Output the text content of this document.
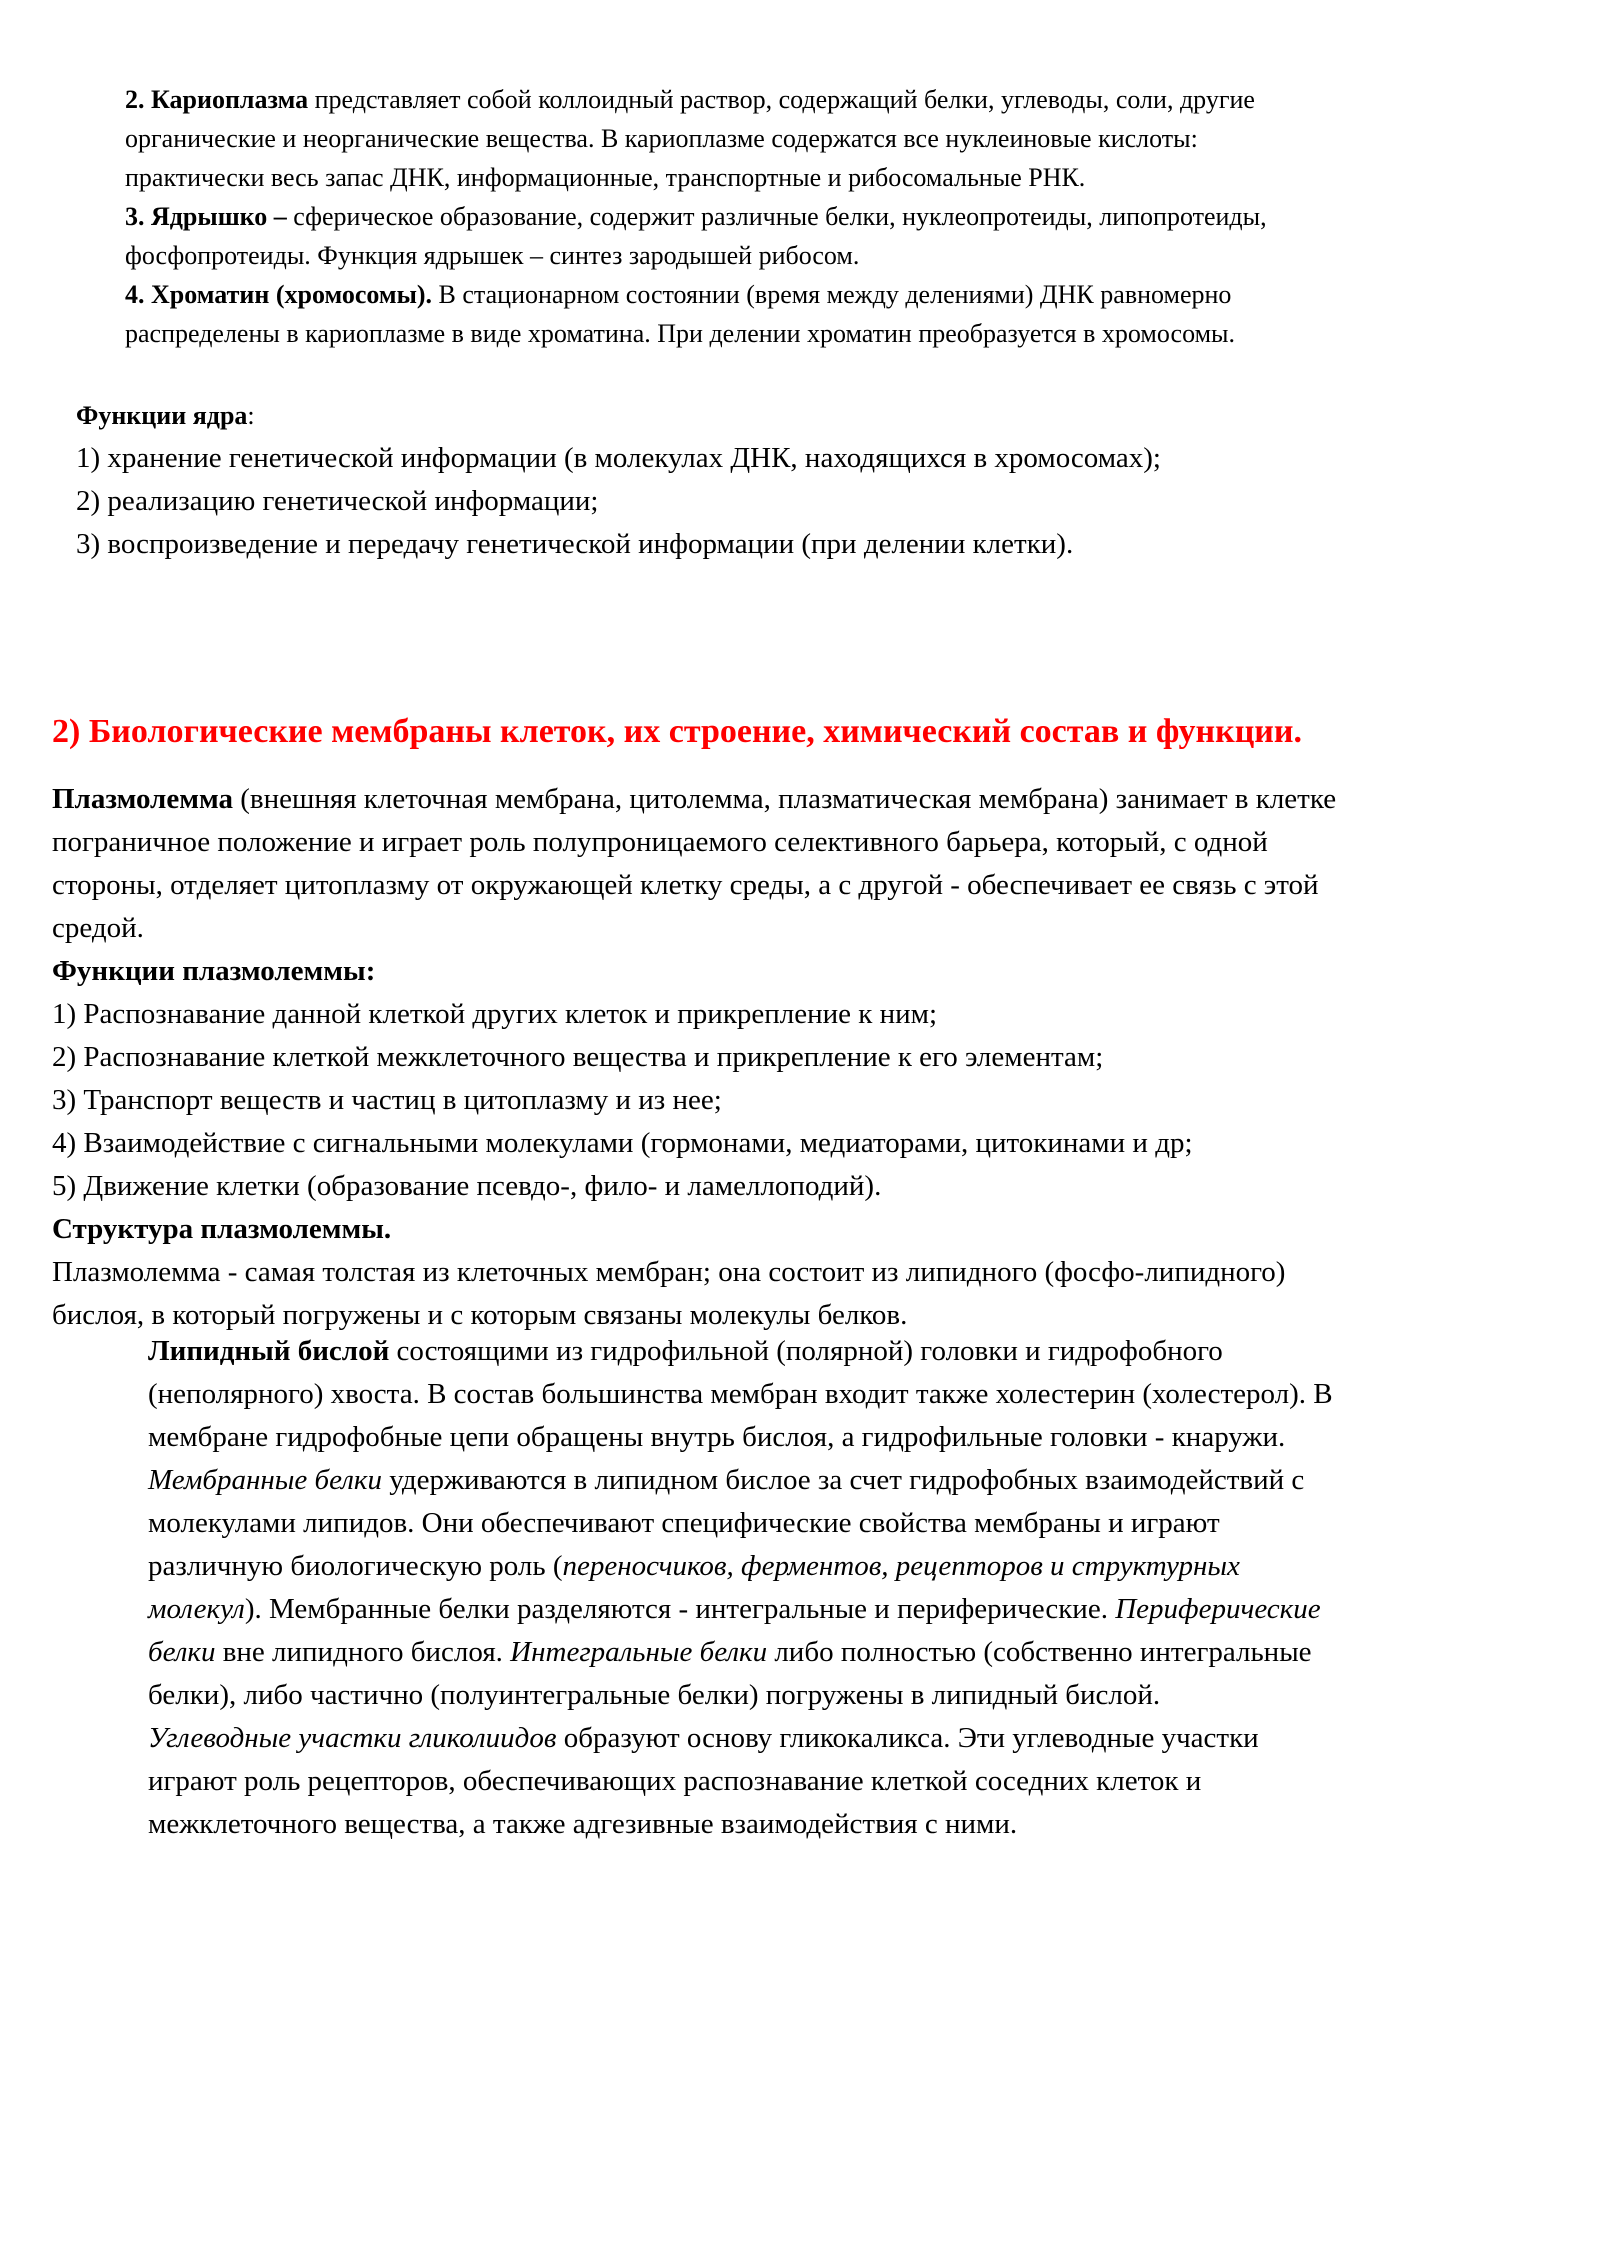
2. Кариоплазма представляет собой коллоидный раствор, содержащий белки, углеводы, соли, другие
органические и неорганические вещества. В кариоплазме содержатся все нуклеиновые кислоты:
практически весь запас ДНК, информационные, транспортные и рибосомальные РНК.

3. Ядрышко – сферическое образование, содержит различные белки, нуклеопротеиды, липопротеиды,
фосфопротеиды. Функция ядрышек – синтез зародышей рибосом.

4. Хроматин (хромосомы). В стационарном состоянии (время между делениями) ДНК равномерно
распределены в кариоплазме в виде хроматина. При делении хроматин преобразуется в хромосомы.

Функции ядра:

1) хранение генетической информации (в молекулах ДНК, находящихся в хромосомах);

2) реализацию генетической информации;

3) воспроизведение и передачу генетической информации (при делении клетки).

2) Биологические мембраны клеток, их строение, химический состав и функции.

Плазмолемма (внешняя клеточная мембрана, цитолемма, плазматическая мембрана) занимает в клетке
пограничное положение и играет роль полупроницаемого селективного барьера, который, с одной
стороны, отделяет цитоплазму от окружающей клетку среды, а с другой - обеспечивает ее связь с этой
средой.

Функции плазмолеммы:

1) Распознавание данной клеткой других клеток и прикрепление к ним;

2) Распознавание клеткой межклеточного вещества и прикрепление к его элементам;

3) Транспорт веществ и частиц в цитоплазму и из нее;

4) Взаимодействие с сигнальными молекулами (гормонами, медиаторами, цитокинами и др;

5) Движение клетки (образование псевдо-, фило- и ламеллоподий).

Структура плазмолеммы.

Плазмолемма - самая толстая из клеточных мембран; она состоит из липидного (фосфо-липидного)
бислоя, в который погружены и с которым связаны молекулы белков.

Липидный бислой состоящими из гидрофильной (полярной) головки и гидрофобного
(неполярного) хвоста. В состав большинства мембран входит также холестерин (холестерол). В
мембране гидрофобные цепи обращены внутрь бислоя, а гидрофильные головки - кнаружи.
Мембранные белки удерживаются в липидном бислое за счет гидрофобных взаимодействий с
молекулами липидов. Они обеспечивают специфические свойства мембраны и играют
различную биологическую роль (переносчиков, ферментов, рецепторов и структурных
молекул). Мембранные белки разделяются - интегральные и периферические. Периферические
белки вне липидного бислоя. Интегральные белки либо полностью (собственно интегральные
белки), либо частично (полуинтегральные белки) погружены в липидный бислой.
Углеводные участки гликолиидов образуют основу гликокаликса. Эти углеводные участки
играют роль рецепторов, обеспечивающих распознавание клеткой соседних клеток и
межклеточного вещества, а также адгезивные взаимодействия с ними.
